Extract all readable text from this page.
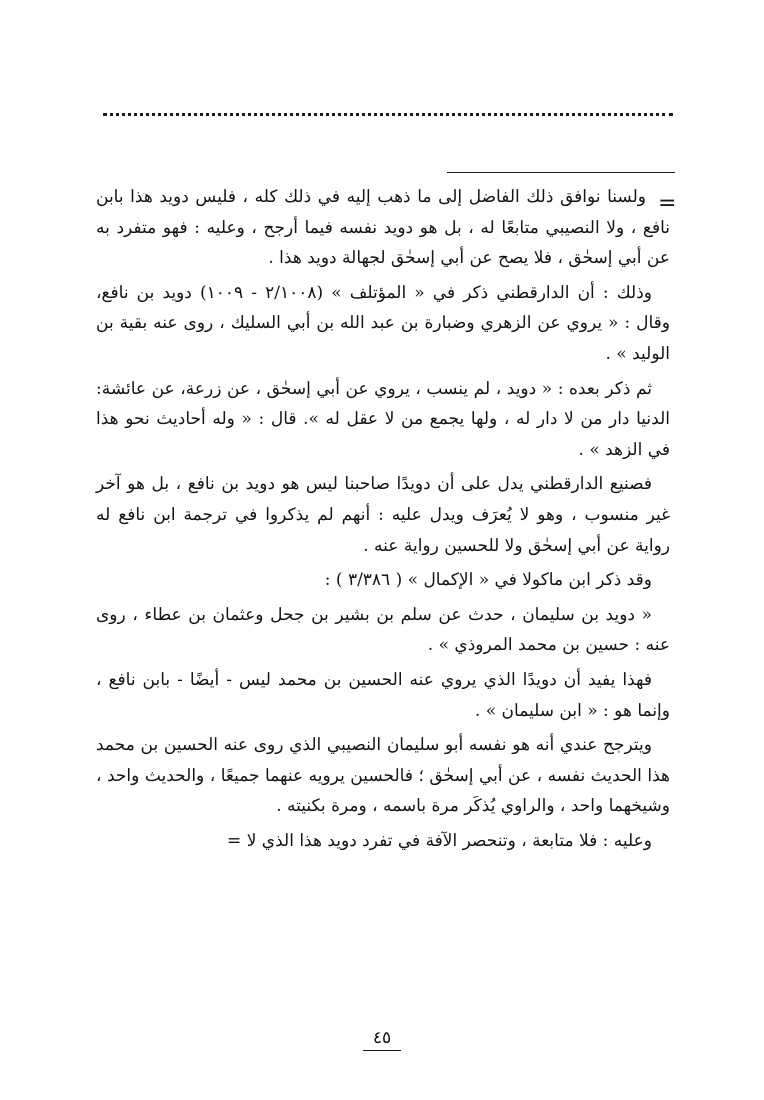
=

ولسنا نوافق ذلك الفاضل إلى ما ذهب إليه في ذلك كله ، فليس دويد هذا بابن نافع ، ولا النصيبي متابعًا له ، بل هو دويد نفسه فيما أرجح ، وعليه : فهو متفرد به عن أبي إسحٰق ، فلا يصح عن أبي إسحٰق لجهالة دويد هذا .

وذلك : أن الدارقطني ذكر في « المؤتلف » (٢/١٠٠٨ - ١٠٠٩) دويد بن نافع، وقال : « يروي عن الزهري وضبارة بن عبد الله بن أبي السليك ، روى عنه بقية بن الوليد » .

ثم ذكر بعده : « دويد ، لم ينسب ، يروي عن أبي إسحٰق ، عن زرعة، عن عائشة: الدنيا دار من لا دار له ، ولها يجمع من لا عقل له ». قال : « وله أحاديث نحو هذا في الزهد » .

فصنيع الدارقطني يدل على أن دويدًا صاحبنا ليس هو دويد بن نافع ، بل هو آخر غير منسوب ، وهو لا يُعرَف ويدل عليه : أنهم لم يذكروا في ترجمة ابن نافع له رواية عن أبي إسحٰق ولا للحسين رواية عنه .

وقد ذكر ابن ماكولا في « الإكمال » ( ٣/٣٨٦ ) :

« دويد بن سليمان ، حدث عن سلم بن بشير بن جحل وعثمان بن عطاء ، روى عنه : حسين بن محمد المروذي » .

فهذا يفيد أن دويدًا الذي يروي عنه الحسين بن محمد ليس - أيضًا - بابن نافع ، وإنما هو : « ابن سليمان » .

ويترجح عندي أنه هو نفسه أبو سليمان النصيبي الذي روى عنه الحسين بن محمد هذا الحديث نفسه ، عن أبي إسحٰق ؛ فالحسين يرويه عنهما جميعًا ، والحديث واحد ، وشيخهما واحد ، والراوي يُذكَر مرة باسمه ، ومرة بكنيته .

وعليه : فلا متابعة ، وتنحصر الآفة في تفرد دويد هذا الذي لا =

٤٥
